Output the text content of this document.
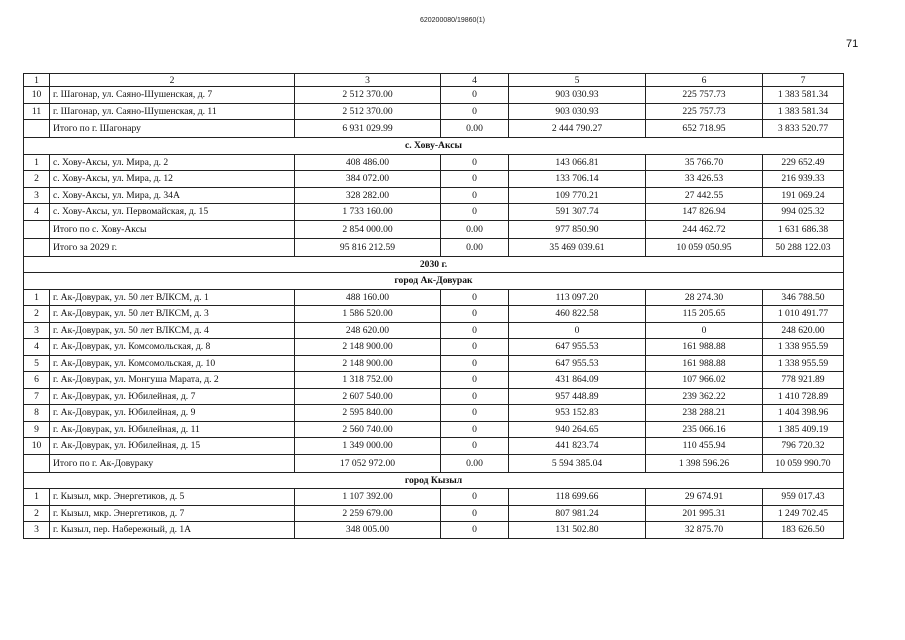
620200080/19860(1)
71
1	2	3	4	5	6	7
10	г. Шагонар, ул. Саяно-Шушенская, д. 7	2 512 370.00	0	903 030.93	225 757.73	1 383 581.34
11	г. Шагонар, ул. Саяно-Шушенская, д. 11	2 512 370.00	0	903 030.93	225 757.73	1 383 581.34
	Итого по г. Шагонару	6 931 029.99	0.00	2 444 790.27	652 718.95	3 833 520.77
с. Хову-Аксы						
1	с. Хову-Аксы, ул. Мира, д. 2	408 486.00	0	143 066.81	35 766.70	229 652.49
2	с. Хову-Аксы, ул. Мира, д. 12	384 072.00	0	133 706.14	33 426.53	216 939.33
3	с. Хову-Аксы, ул. Мира, д. 34А	328 282.00	0	109 770.21	27 442.55	191 069.24
4	с. Хову-Аксы, ул. Первомайская, д. 15	1 733 160.00	0	591 307.74	147 826.94	994 025.32
	Итого по с. Хову-Аксы	2 854 000.00	0.00	977 850.90	244 462.72	1 631 686.38
	Итого за 2029 г.	95 816 212.59	0.00	35 469 039.61	10 059 050.95	50 288 122.03
2030 г.						
город Ак-Довурак						
1	г. Ак-Довурак, ул. 50 лет ВЛКСМ, д. 1	488 160.00	0	113 097.20	28 274.30	346 788.50
2	г. Ак-Довурак, ул. 50 лет ВЛКСМ, д. 3	1 586 520.00	0	460 822.58	115 205.65	1 010 491.77
3	г. Ак-Довурак, ул. 50 лет ВЛКСМ, д. 4	248 620.00	0	0	0	248 620.00
4	г. Ак-Довурак, ул. Комсомольская, д. 8	2 148 900.00	0	647 955.53	161 988.88	1 338 955.59
5	г. Ак-Довурак, ул. Комсомольская, д. 10	2 148 900.00	0	647 955.53	161 988.88	1 338 955.59
6	г. Ак-Довурак, ул. Монгуша Марата, д. 2	1 318 752.00	0	431 864.09	107 966.02	778 921.89
7	г. Ак-Довурак, ул. Юбилейная, д. 7	2 607 540.00	0	957 448.89	239 362.22	1 410 728.89
8	г. Ак-Довурак, ул. Юбилейная, д. 9	2 595 840.00	0	953 152.83	238 288.21	1 404 398.96
9	г. Ак-Довурак, ул. Юбилейная, д. 11	2 560 740.00	0	940 264.65	235 066.16	1 385 409.19
10	г. Ак-Довурак, ул. Юбилейная, д. 15	1 349 000.00	0	441 823.74	110 455.94	796 720.32
	Итого по г. Ак-Довураку	17 052 972.00	0.00	5 594 385.04	1 398 596.26	10 059 990.70
город Кызыл						
1	г. Кызыл, мкр. Энергетиков, д. 5	1 107 392.00	0	118 699.66	29 674.91	959 017.43
2	г. Кызыл, мкр. Энергетиков, д. 7	2 259 679.00	0	807 981.24	201 995.31	1 249 702.45
3	г. Кызыл, пер. Набережный, д. 1А	348 005.00	0	131 502.80	32 875.70	183 626.50
